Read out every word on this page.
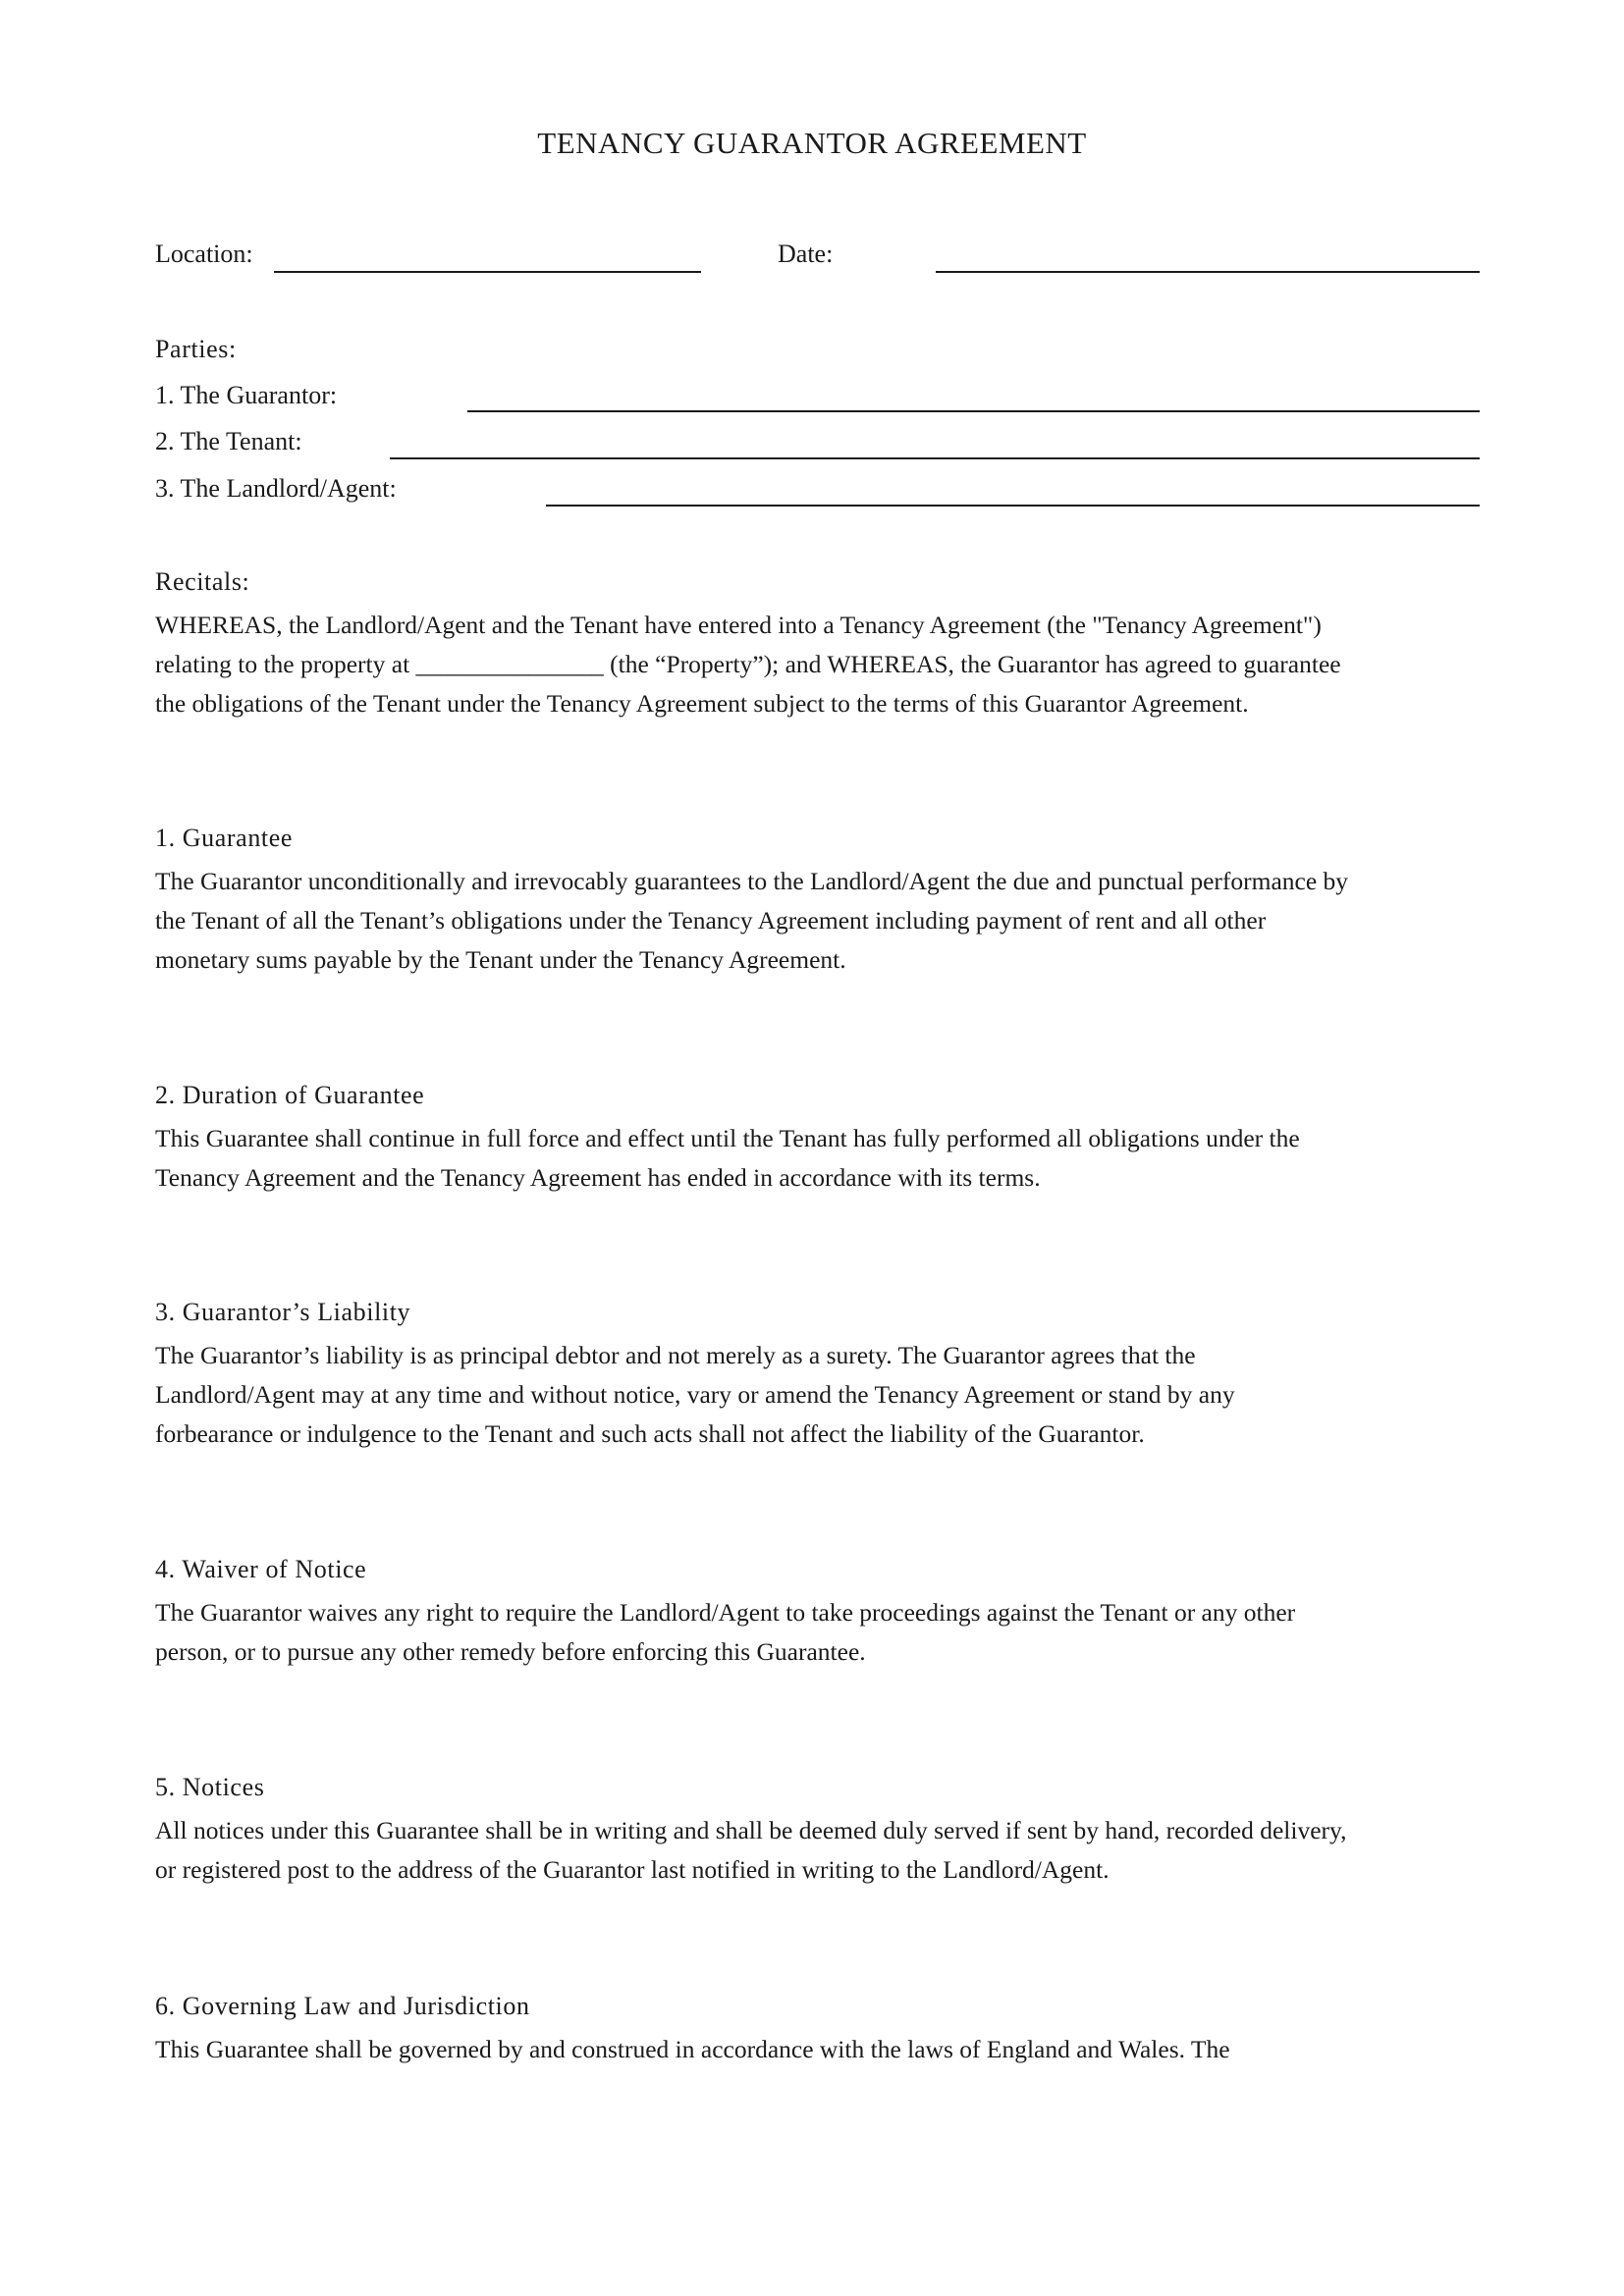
TENANCY GUARANTOR AGREEMENT
Location:	Date:
Parties:
1. The Guarantor:
2. The Tenant:
3. The Landlord/Agent:
Recitals:

WHEREAS, the Landlord/Agent and the Tenant have entered into a Tenancy Agreement (the "Tenancy Agreement")
relating to the property at _______________ (the “Property”); and WHEREAS, the Guarantor has agreed to guarantee
the obligations of the Tenant under the Tenancy Agreement subject to the terms of this Guarantor Agreement.

1. Guarantee

The Guarantor unconditionally and irrevocably guarantees to the Landlord/Agent the due and punctual performance by
the Tenant of all the Tenant’s obligations under the Tenancy Agreement including payment of rent and all other
monetary sums payable by the Tenant under the Tenancy Agreement.

2. Duration of Guarantee

This Guarantee shall continue in full force and effect until the Tenant has fully performed all obligations under the
Tenancy Agreement and the Tenancy Agreement has ended in accordance with its terms.

3. Guarantor’s Liability

The Guarantor’s liability is as principal debtor and not merely as a surety. The Guarantor agrees that the
Landlord/Agent may at any time and without notice, vary or amend the Tenancy Agreement or stand by any
forbearance or indulgence to the Tenant and such acts shall not affect the liability of the Guarantor.

4. Waiver of Notice

The Guarantor waives any right to require the Landlord/Agent to take proceedings against the Tenant or any other
person, or to pursue any other remedy before enforcing this Guarantee.

5. Notices

All notices under this Guarantee shall be in writing and shall be deemed duly served if sent by hand, recorded delivery,
or registered post to the address of the Guarantor last notified in writing to the Landlord/Agent.

6. Governing Law and Jurisdiction

This Guarantee shall be governed by and construed in accordance with the laws of England and Wales. The
